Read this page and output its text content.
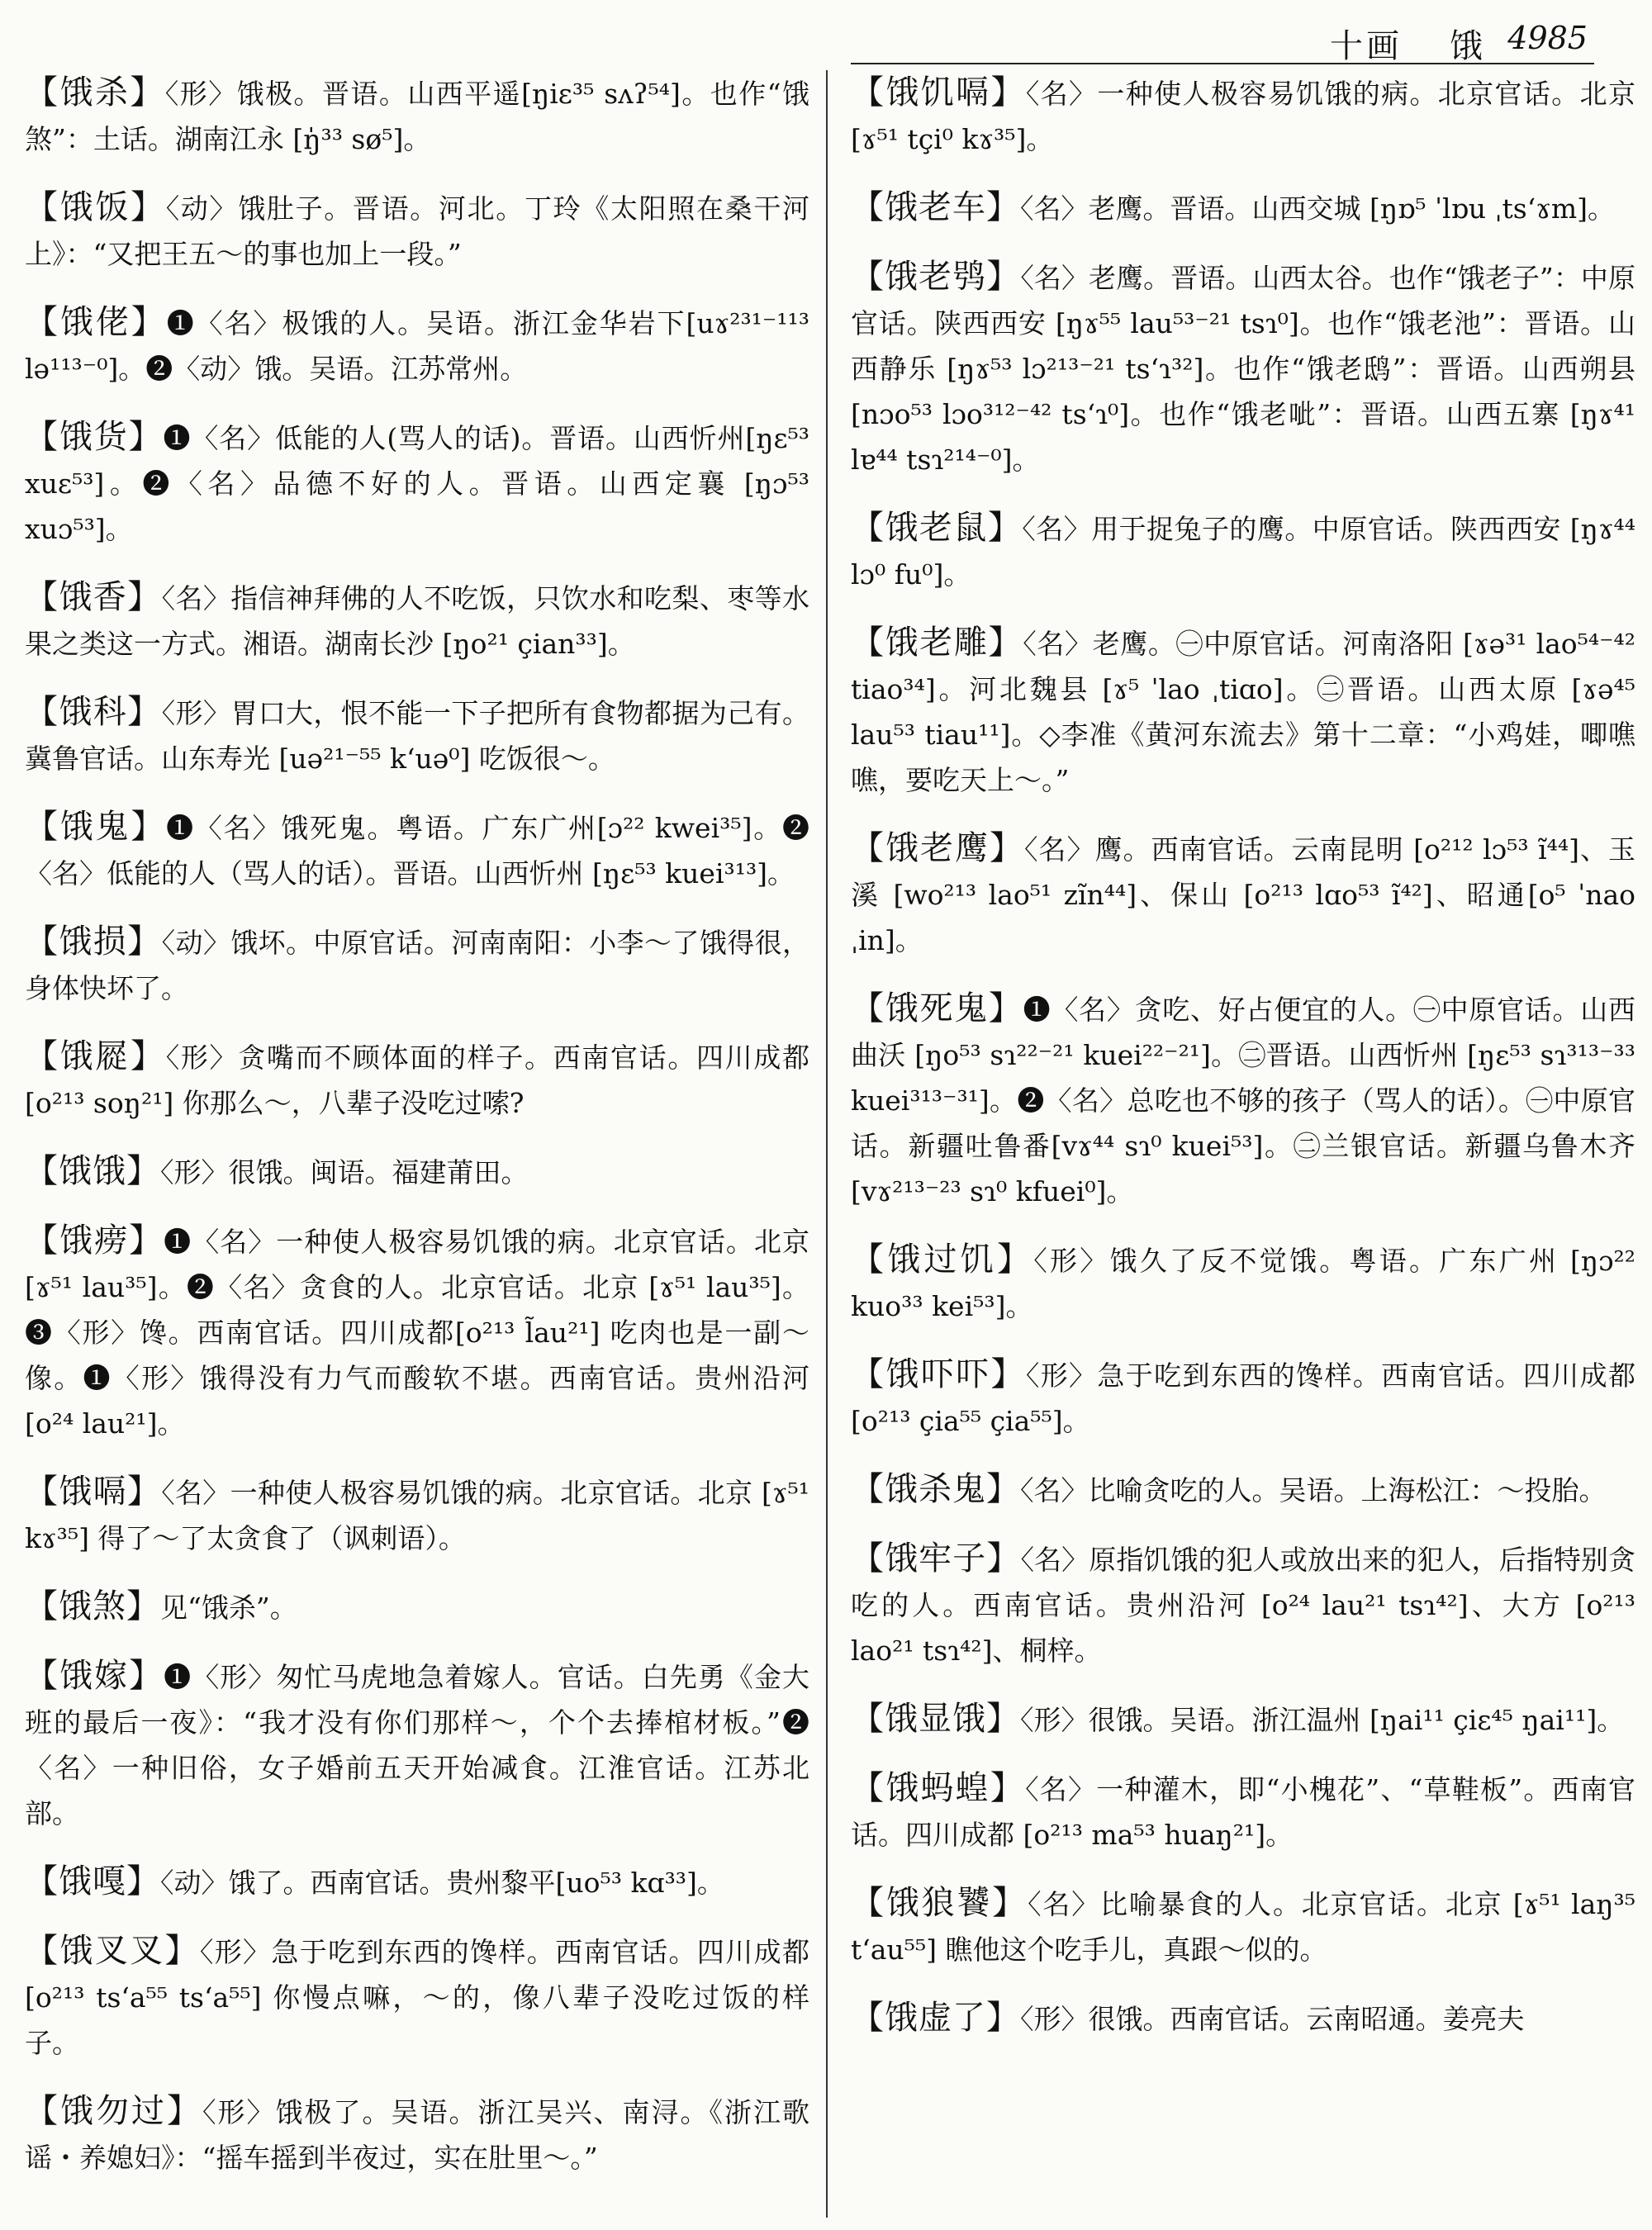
十画 饿 4985

【饿杀】〈形〉饿极。晋语。山西平遥[ŋiɛ³⁵ sʌʔ⁵⁴]。也作“饿煞”：土话。湖南江永 [ŋ̍³³ sø⁵]。

【饿饭】〈动〉饿肚子。晋语。河北。丁玲《太阳照在桑干河上》：“又把王五～的事也加上一段。”

【饿佬】❶〈名〉极饿的人。吴语。浙江金华岩下[uɤ²³¹⁻¹¹³ lə¹¹³⁻⁰]。❷〈动〉饿。吴语。江苏常州。

【饿货】❶〈名〉低能的人(骂人的话)。晋语。山西忻州[ŋɛ⁵³ xuɛ⁵³]。❷〈名〉品德不好的人。晋语。山西定襄 [ŋɔ⁵³ xuɔ⁵³]。

【饿香】〈名〉指信神拜佛的人不吃饭，只饮水和吃梨、枣等水果之类这一方式。湘语。湖南长沙 [ŋo²¹ çian³³]。

【饿科】〈形〉胃口大，恨不能一下子把所有食物都据为己有。冀鲁官话。山东寿光 [uə²¹⁻⁵⁵ k‘uə⁰] 吃饭很～。

【饿鬼】❶〈名〉饿死鬼。粤语。广东广州[ɔ²² kwei³⁵]。❷〈名〉低能的人（骂人的话）。晋语。山西忻州 [ŋɛ⁵³ kuei³¹³]。

【饿损】〈动〉饿坏。中原官话。河南南阳：小李～了饿得很，身体快坏了。

【饿㞞】〈形〉贪嘴而不顾体面的样子。西南官话。四川成都 [o²¹³ soŋ²¹] 你那么～，八辈子没吃过嗦?

【饿饿】〈形〉很饿。闽语。福建莆田。

【饿痨】❶〈名〉一种使人极容易饥饿的病。北京官话。北京 [ɤ⁵¹ lau³⁵]。❷〈名〉贪食的人。北京官话。北京 [ɤ⁵¹ lau³⁵]。❸〈形〉馋。西南官话。四川成都[o²¹³ l̃au²¹] 吃肉也是一副～像。❶〈形〉饿得没有力气而酸软不堪。西南官话。贵州沿河 [o²⁴ lau²¹]。

【饿嗝】〈名〉一种使人极容易饥饿的病。北京官话。北京 [ɤ⁵¹ kɤ³⁵] 得了～了太贪食了（讽刺语）。

【饿煞】见“饿杀”。

【饿嫁】❶〈形〉匆忙马虎地急着嫁人。官话。白先勇《金大班的最后一夜》：“我才没有你们那样～，个个去捧棺材板。”❷〈名〉一种旧俗，女子婚前五天开始减食。江淮官话。江苏北部。

【饿嘎】〈动〉饿了。西南官话。贵州黎平[uo⁵³ kɑ³³]。

【饿叉叉】〈形〉急于吃到东西的馋样。西南官话。四川成都 [o²¹³ ts‘a⁵⁵ ts‘a⁵⁵] 你慢点嘛，～的，像八辈子没吃过饭的样子。

【饿勿过】〈形〉饿极了。吴语。浙江吴兴、南浔。《浙江歌谣・养媳妇》：“摇车摇到半夜过，实在肚里～。”

【饿饥嗝】〈名〉一种使人极容易饥饿的病。北京官话。北京 [ɤ⁵¹ tçi⁰ kɤ³⁵]。

【饿老车】〈名〉老鹰。晋语。山西交城 [ŋɒ⁵ ˈlɒu ˌts‘ɤm]。

【饿老鸮】〈名〉老鹰。晋语。山西太谷。也作“饿老子”：中原官话。陕西西安 [ŋɤ⁵⁵ lau⁵³⁻²¹ tsɿ⁰]。也作“饿老池”：晋语。山西静乐 [ŋɤ⁵³ lɔ²¹³⁻²¹ ts‘ɿ³²]。也作“饿老鸱”：晋语。山西朔县 [nɔo⁵³ lɔo³¹²⁻⁴² ts‘ɿ⁰]。也作“饿老呲”：晋语。山西五寨 [ŋɤ⁴¹ lɐ⁴⁴ tsɿ²¹⁴⁻⁰]。

【饿老鼠】〈名〉用于捉兔子的鹰。中原官话。陕西西安 [ŋɤ⁴⁴ lɔ⁰ fu⁰]。

【饿老雕】〈名〉老鹰。㊀中原官话。河南洛阳 [ɤə³¹ lao⁵⁴⁻⁴² tiao³⁴]。河北魏县 [ɤ⁵ ˈlao ˌtiɑo]。㊁晋语。山西太原 [ɤə⁴⁵ lau⁵³ tiau¹¹]。◇李准《黄河东流去》第十二章：“小鸡娃，唧噍噍，要吃天上～。”

【饿老鹰】〈名〉鹰。西南官话。云南昆明 [o²¹² lɔ⁵³ ĩ⁴⁴]、玉溪 [wo²¹³ lao⁵¹ zĩn⁴⁴]、保山 [o²¹³ lɑo⁵³ ĩ⁴²]、昭通[o⁵ ˈnao ˌin]。

【饿死鬼】❶〈名〉贪吃、好占便宜的人。㊀中原官话。山西曲沃 [ŋo⁵³ sɿ²²⁻²¹ kuei²²⁻²¹]。㊁晋语。山西忻州 [ŋɛ⁵³ sɿ³¹³⁻³³ kuei³¹³⁻³¹]。❷〈名〉总吃也不够的孩子（骂人的话）。㊀中原官话。新疆吐鲁番[vɤ⁴⁴ sɿ⁰ kuei⁵³]。㊁兰银官话。新疆乌鲁木齐 [vɤ²¹³⁻²³ sɿ⁰ kfuei⁰]。

【饿过饥】〈形〉饿久了反不觉饿。粤语。广东广州 [ŋɔ²² kuo³³ kei⁵³]。

【饿吓吓】〈形〉急于吃到东西的馋样。西南官话。四川成都 [o²¹³ çia⁵⁵ çia⁵⁵]。

【饿杀鬼】〈名〉比喻贪吃的人。吴语。上海松江：～投胎。

【饿牢子】〈名〉原指饥饿的犯人或放出来的犯人，后指特别贪吃的人。西南官话。贵州沿河 [o²⁴ lau²¹ tsɿ⁴²]、大方 [o²¹³ lao²¹ tsɿ⁴²]、桐梓。

【饿显饿】〈形〉很饿。吴语。浙江温州 [ŋai¹¹ çiɛ⁴⁵ ŋai¹¹]。

【饿蚂蝗】〈名〉一种灌木，即“小槐花”、“草鞋板”。西南官话。四川成都 [o²¹³ ma⁵³ huaŋ²¹]。

【饿狼饕】〈名〉比喻暴食的人。北京官话。北京 [ɤ⁵¹ laŋ³⁵ t‘au⁵⁵] 瞧他这个吃手儿，真跟～似的。

【饿虚了】〈形〉很饿。西南官话。云南昭通。姜亮夫
